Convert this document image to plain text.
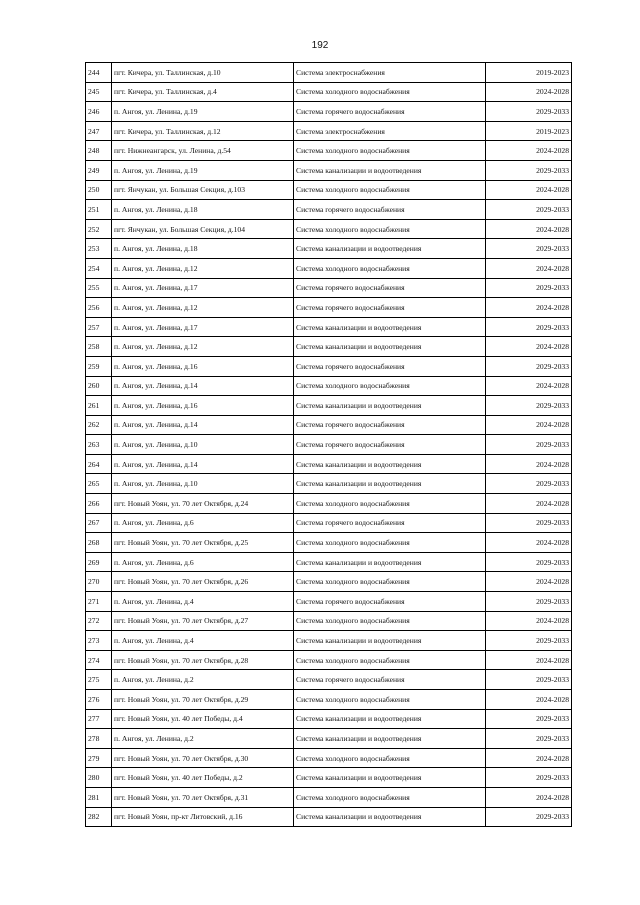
192
244	пгт. Кичера, ул. Таллинская, д.10	Система электроснабжения	2019-2023
245	пгт. Кичера, ул. Таллинская, д.4	Система холодного водоснабжения	2024-2028
246	п. Ангоя, ул. Ленина, д.19	Система горячего водоснабжения	2029-2033
247	пгт. Кичера, ул. Таллинская, д.12	Система электроснабжения	2019-2023
248	пгт. Нижнеангарск, ул. Ленина, д.54	Система холодного водоснабжения	2024-2028
249	п. Ангоя, ул. Ленина, д.19	Система канализации и водоотведения	2029-2033
250	пгт. Янчукан, ул. Большая Секция, д.103	Система холодного водоснабжения	2024-2028
251	п. Ангоя, ул. Ленина, д.18	Система горячего водоснабжения	2029-2033
252	пгт. Янчукан, ул. Большая Секция, д.104	Система холодного водоснабжения	2024-2028
253	п. Ангоя, ул. Ленина, д.18	Система канализации и водоотведения	2029-2033
254	п. Ангоя, ул. Ленина, д.12	Система холодного водоснабжения	2024-2028
255	п. Ангоя, ул. Ленина, д.17	Система горячего водоснабжения	2029-2033
256	п. Ангоя, ул. Ленина, д.12	Система горячего водоснабжения	2024-2028
257	п. Ангоя, ул. Ленина, д.17	Система канализации и водоотведения	2029-2033
258	п. Ангоя, ул. Ленина, д.12	Система канализации и водоотведения	2024-2028
259	п. Ангоя, ул. Ленина, д.16	Система горячего водоснабжения	2029-2033
260	п. Ангоя, ул. Ленина, д.14	Система холодного водоснабжения	2024-2028
261	п. Ангоя, ул. Ленина, д.16	Система канализации и водоотведения	2029-2033
262	п. Ангоя, ул. Ленина, д.14	Система горячего водоснабжения	2024-2028
263	п. Ангоя, ул. Ленина, д.10	Система горячего водоснабжения	2029-2033
264	п. Ангоя, ул. Ленина, д.14	Система канализации и водоотведения	2024-2028
265	п. Ангоя, ул. Ленина, д.10	Система канализации и водоотведения	2029-2033
266	пгт. Новый Уоян, ул. 70 лет Октября, д.24	Система холодного водоснабжения	2024-2028
267	п. Ангоя, ул. Ленина, д.6	Система горячего водоснабжения	2029-2033
268	пгт. Новый Уоян, ул. 70 лет Октября, д.25	Система холодного водоснабжения	2024-2028
269	п. Ангоя, ул. Ленина, д.6	Система канализации и водоотведения	2029-2033
270	пгт. Новый Уоян, ул. 70 лет Октября, д.26	Система холодного водоснабжения	2024-2028
271	п. Ангоя, ул. Ленина, д.4	Система горячего водоснабжения	2029-2033
272	пгт. Новый Уоян, ул. 70 лет Октября, д.27	Система холодного водоснабжения	2024-2028
273	п. Ангоя, ул. Ленина, д.4	Система канализации и водоотведения	2029-2033
274	пгт. Новый Уоян, ул. 70 лет Октября, д.28	Система холодного водоснабжения	2024-2028
275	п. Ангоя, ул. Ленина, д.2	Система горячего водоснабжения	2029-2033
276	пгт. Новый Уоян, ул. 70 лет Октября, д.29	Система холодного водоснабжения	2024-2028
277	пгт. Новый Уоян, ул. 40 лет Победы, д.4	Система канализации и водоотведения	2029-2033
278	п. Ангоя, ул. Ленина, д.2	Система канализации и водоотведения	2029-2033
279	пгт. Новый Уоян, ул. 70 лет Октября, д.30	Система холодного водоснабжения	2024-2028
280	пгт. Новый Уоян, ул. 40 лет Победы, д.2	Система канализации и водоотведения	2029-2033
281	пгт. Новый Уоян, ул. 70 лет Октября, д.31	Система холодного водоснабжения	2024-2028
282	пгт. Новый Уоян, пр-кт Литовский, д.16	Система канализации и водоотведения	2029-2033
